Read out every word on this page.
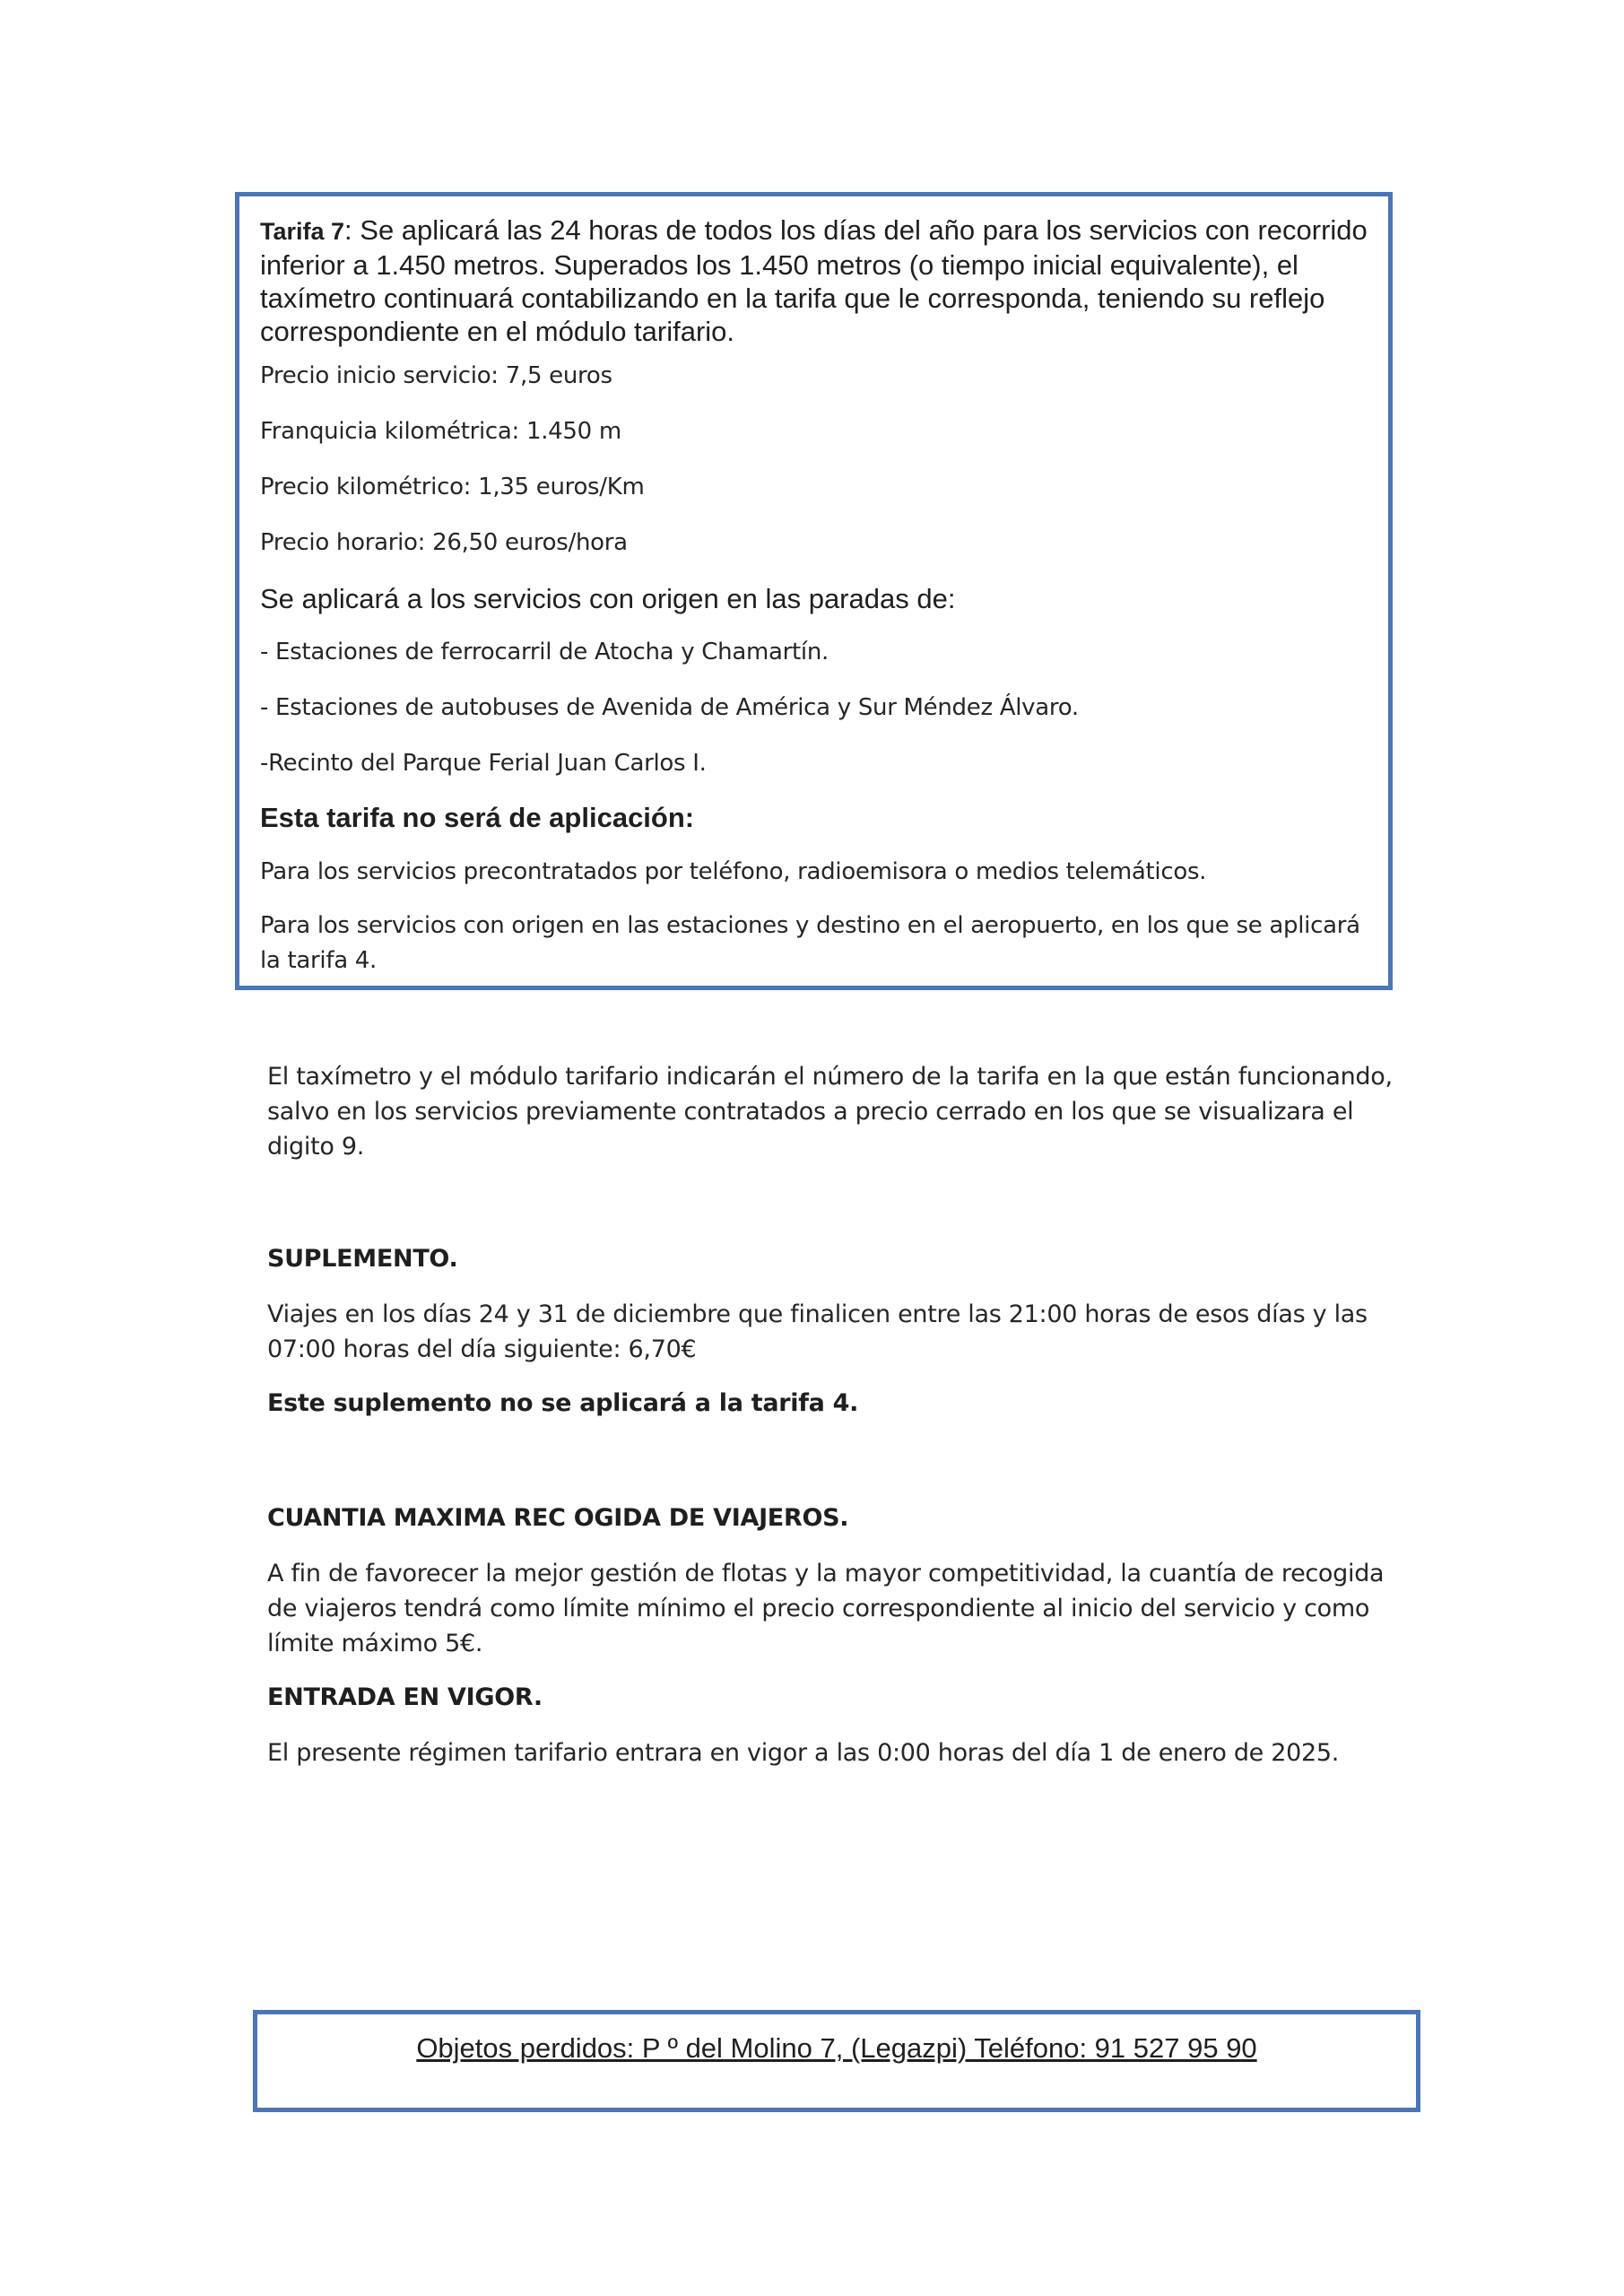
Tarifa 7: Se aplicará las 24 horas de todos los días del año para los servicios con recorrido inferior a 1.450 metros. Superados los 1.450 metros (o tiempo inicial equivalente), el taxímetro continuará contabilizando en la tarifa que le corresponda, teniendo su reflejo correspondiente en el módulo tarifario.
Precio inicio servicio: 7,5 euros
Franquicia kilométrica: 1.450 m
Precio kilométrico: 1,35 euros/Km
Precio horario: 26,50 euros/hora
Se aplicará a los servicios con origen en las paradas de:
- Estaciones de ferrocarril de Atocha y Chamartín.
- Estaciones de autobuses de Avenida de América y Sur Méndez Álvaro.
-Recinto del Parque Ferial Juan Carlos I.
Esta tarifa no será de aplicación:
Para los servicios precontratados por teléfono, radioemisora o medios telemáticos.
Para los servicios con origen en las estaciones y destino en el aeropuerto, en los que se aplicará la tarifa 4.
El taxímetro y el módulo tarifario indicarán el número de la tarifa en la que están funcionando, salvo en los servicios previamente contratados a precio cerrado en los que se visualizara el digito 9.
SUPLEMENTO.
Viajes en los días 24 y 31 de diciembre que finalicen entre las 21:00 horas de esos días y las 07:00 horas del día siguiente: 6,70€
Este suplemento no se aplicará a la tarifa 4.
CUANTIA MAXIMA REC OGIDA DE VIAJEROS.
A fin de favorecer la mejor gestión de flotas y la mayor competitividad, la cuantía de recogida de viajeros tendrá como límite mínimo el precio correspondiente al inicio del servicio y como límite máximo 5€.
ENTRADA EN VIGOR.
El presente régimen tarifario entrara en vigor a las 0:00 horas del día 1 de enero de 2025.
Objetos perdidos: P º del Molino 7, (Legazpi) Teléfono: 91 527 95 90
